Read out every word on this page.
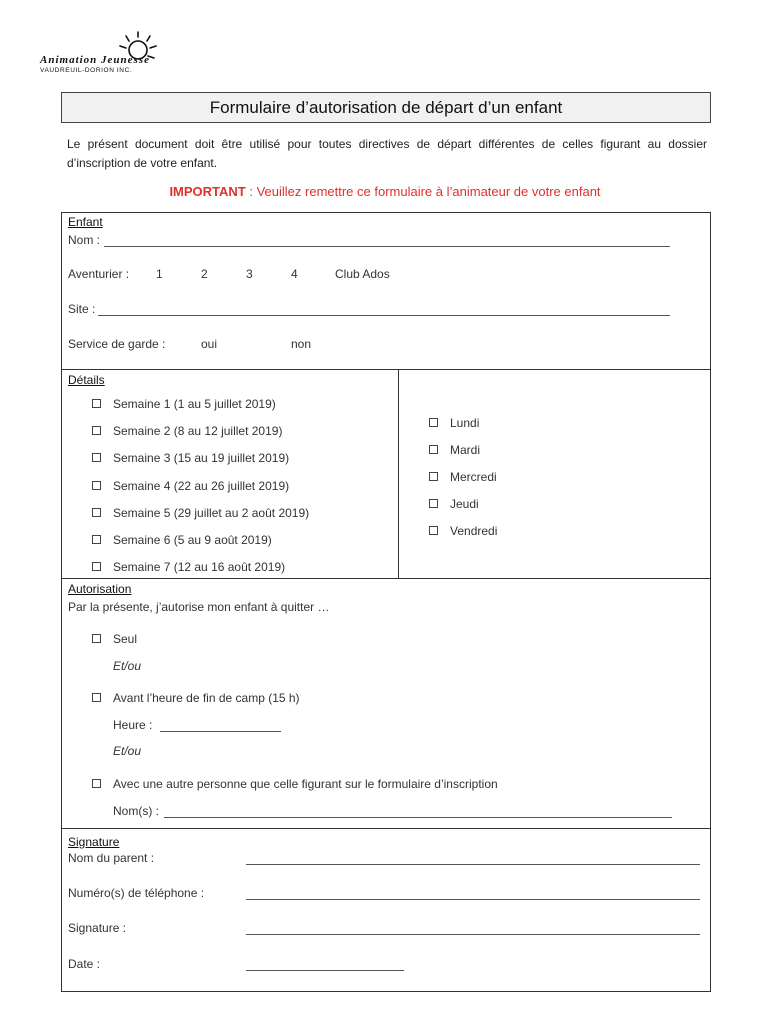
Animation Jeunesse
VAUDREUIL-DORION INC.
Formulaire d’autorisation de départ d’un enfant
Le présent document doit être utilisé pour toutes directives de départ différentes de celles figurant au dossier d’inscription de votre enfant.
IMPORTANT : Veuillez remettre ce formulaire à l’animateur de votre enfant
Enfant
Nom :
Aventurier : 1	2	3	4	Club Ados
Site :
Service de garde :	oui	non
Détails
Semaine 1 (1 au 5 juillet 2019)
Semaine 2 (8 au 12 juillet 2019)
Semaine 3 (15 au 19 juillet 2019)
Semaine 4 (22 au 26 juillet 2019)
Semaine 5 (29 juillet au 2 août 2019)
Semaine 6 (5 au 9 août 2019)
Semaine 7 (12 au 16 août 2019)
Lundi
Mardi
Mercredi
Jeudi
Vendredi
Autorisation
Par la présente, j’autorise mon enfant à quitter …
Seul
Et/ou
Avant l’heure de fin de camp (15 h)
Heure :
Et/ou
Avec une autre personne que celle figurant sur le formulaire d’inscription
Nom(s) :
Signature
Nom du parent :
Numéro(s) de téléphone :
Signature :
Date :
